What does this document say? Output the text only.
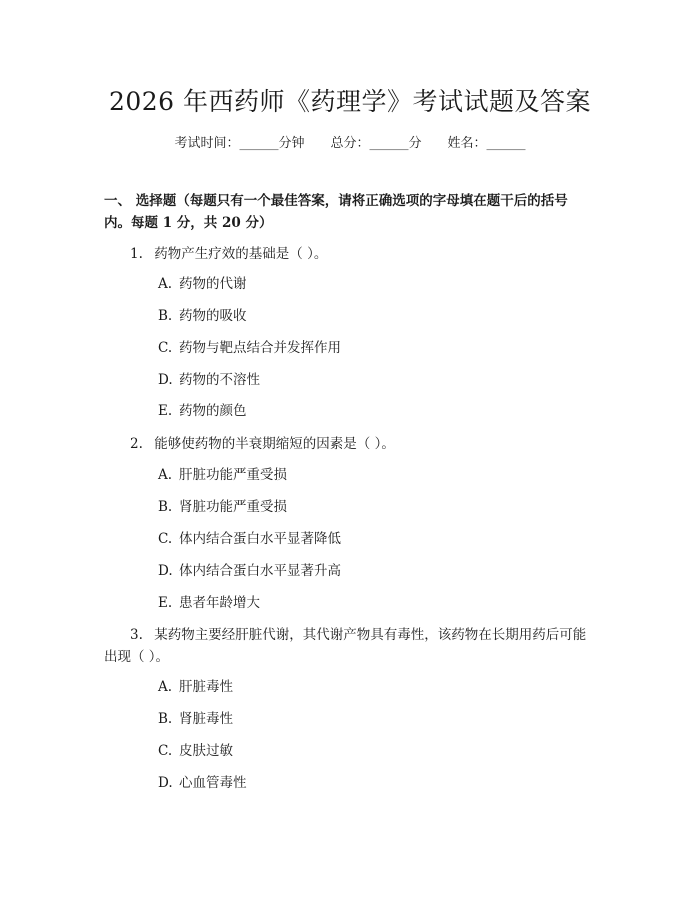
2026 年西药师《药理学》考试试题及答案
考试时间：______分钟 总分：______分 姓名：______
一、 选择题（每题只有一个最佳答案，请将正确选项的字母填在题干后的括号内。每题 1 分，共 20 分）
1. 药物产生疗效的基础是（ ）。
A. 药物的代谢
B. 药物的吸收
C. 药物与靶点结合并发挥作用
D. 药物的不溶性
E. 药物的颜色
2. 能够使药物的半衰期缩短的因素是（ ）。
A. 肝脏功能严重受损
B. 肾脏功能严重受损
C. 体内结合蛋白水平显著降低
D. 体内结合蛋白水平显著升高
E. 患者年龄增大
3. 某药物主要经肝脏代谢，其代谢产物具有毒性，该药物在长期用药后可能出现（ ）。
A. 肝脏毒性
B. 肾脏毒性
C. 皮肤过敏
D. 心血管毒性
